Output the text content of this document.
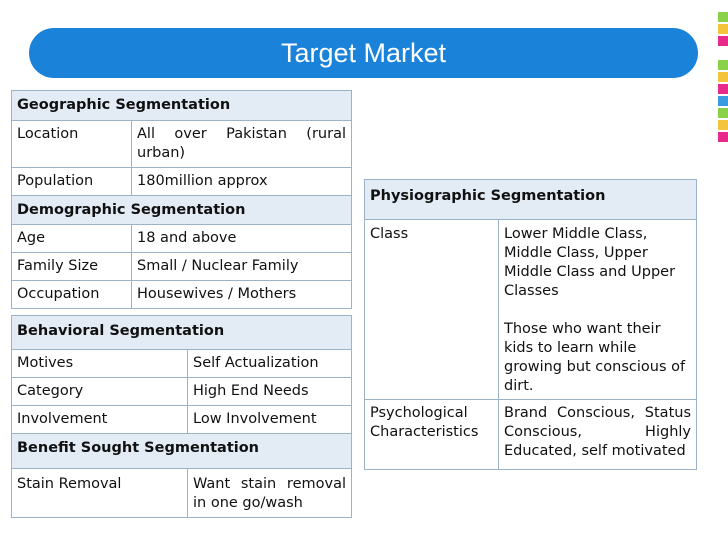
Target Market
Geographic Segmentation	
Location	All over Pakistan (rural urban)
Population	180million approx
Demographic Segmentation	
Age	18 and above
Family Size	Small / Nuclear Family
Occupation	Housewives / Mothers
Behavioral Segmentation	
Motives	Self Actualization
Category	High End Needs
Involvement	Low Involvement
Benefit Sought Segmentation	
Stain Removal	Want stain removal in one go/wash
Physiographic Segmentation	
Class	Lower Middle Class, Middle Class, Upper Middle Class and Upper Classes
Those who want their kids to learn while growing but conscious of dirt.

Psychological Characteristics	Brand Conscious, Status Conscious, Highly Educated, self motivated
